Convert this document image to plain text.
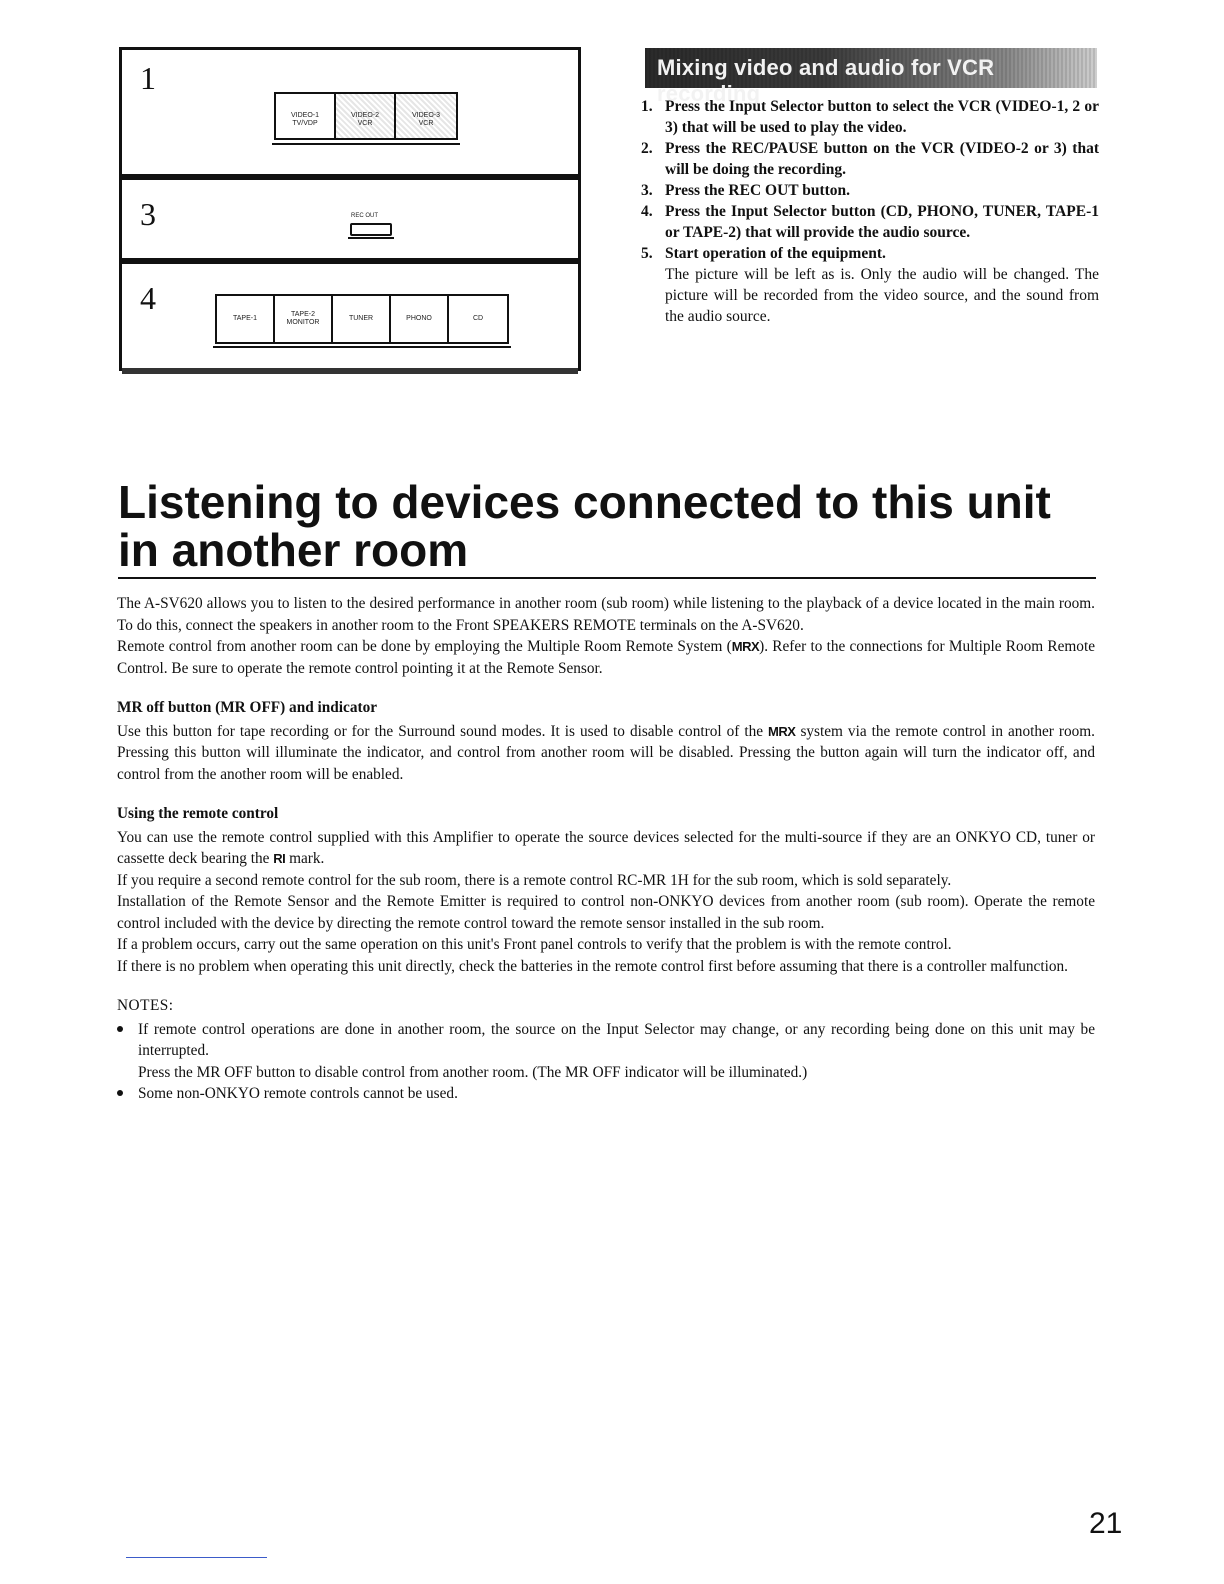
1
VIDEO-1
TV/VDP
VIDEO-2
VCR
VIDEO-3
VCR
3	REC OUT
4
TAPE-1
TAPE-2
MONITOR
TUNER	PHONO	CD
Mixing video and audio for VCR recording
1. Press the Input Selector button to select the VCR (VIDEO-1, 2 or 3) that will be used to play the video.
2. Press the REC/PAUSE button on the VCR (VIDEO-2 or 3) that will be doing the recording.
3. Press the REC OUT button.
4. Press the Input Selector button (CD, PHONO, TUNER, TAPE-1 or TAPE-2) that will provide the audio source.
5. Start operation of the equipment.
The picture will be left as is. Only the audio will be changed. The picture will be recorded from the video source, and the sound from the audio source.
Listening to devices connected to this unit in another room

The A-SV620 allows you to listen to the desired performance in another room (sub room) while listening to the playback of a device located in the main room. To do this, connect the speakers in another room to the Front SPEAKERS REMOTE terminals on the A-SV620.

Remote control from another room can be done by employing the Multiple Room Remote System (MRX). Refer to the connections for Multiple Room Remote Control. Be sure to operate the remote control pointing it at the Remote Sensor.

MR off button (MR OFF) and indicator

Use this button for tape recording or for the Surround sound modes. It is used to disable control of the MRX system via the remote control in another room. Pressing this button will illuminate the indicator, and control from another room will be disabled. Pressing the button again will turn the indicator off, and control from the another room will be enabled.

Using the remote control

You can use the remote control supplied with this Amplifier to operate the source devices selected for the multi-source if they are an ONKYO CD, tuner or cassette deck bearing the RI mark.

If you require a second remote control for the sub room, there is a remote control RC-MR 1H for the sub room, which is sold separately.

Installation of the Remote Sensor and the Remote Emitter is required to control non-ONKYO devices from another room (sub room). Operate the remote control included with the device by directing the remote control toward the remote sensor installed in the sub room.

If a problem occurs, carry out the same operation on this unit's Front panel controls to verify that the problem is with the remote control.

If there is no problem when operating this unit directly, check the batteries in the remote control first before assuming that there is a controller malfunction.

NOTES:
If remote control operations are done in another room, the source on the Input Selector may change, or any recording being done on this unit may be interrupted.
Press the MR OFF button to disable control from another room. (The MR OFF indicator will be illuminated.)
Some non-ONKYO remote controls cannot be used.
21
